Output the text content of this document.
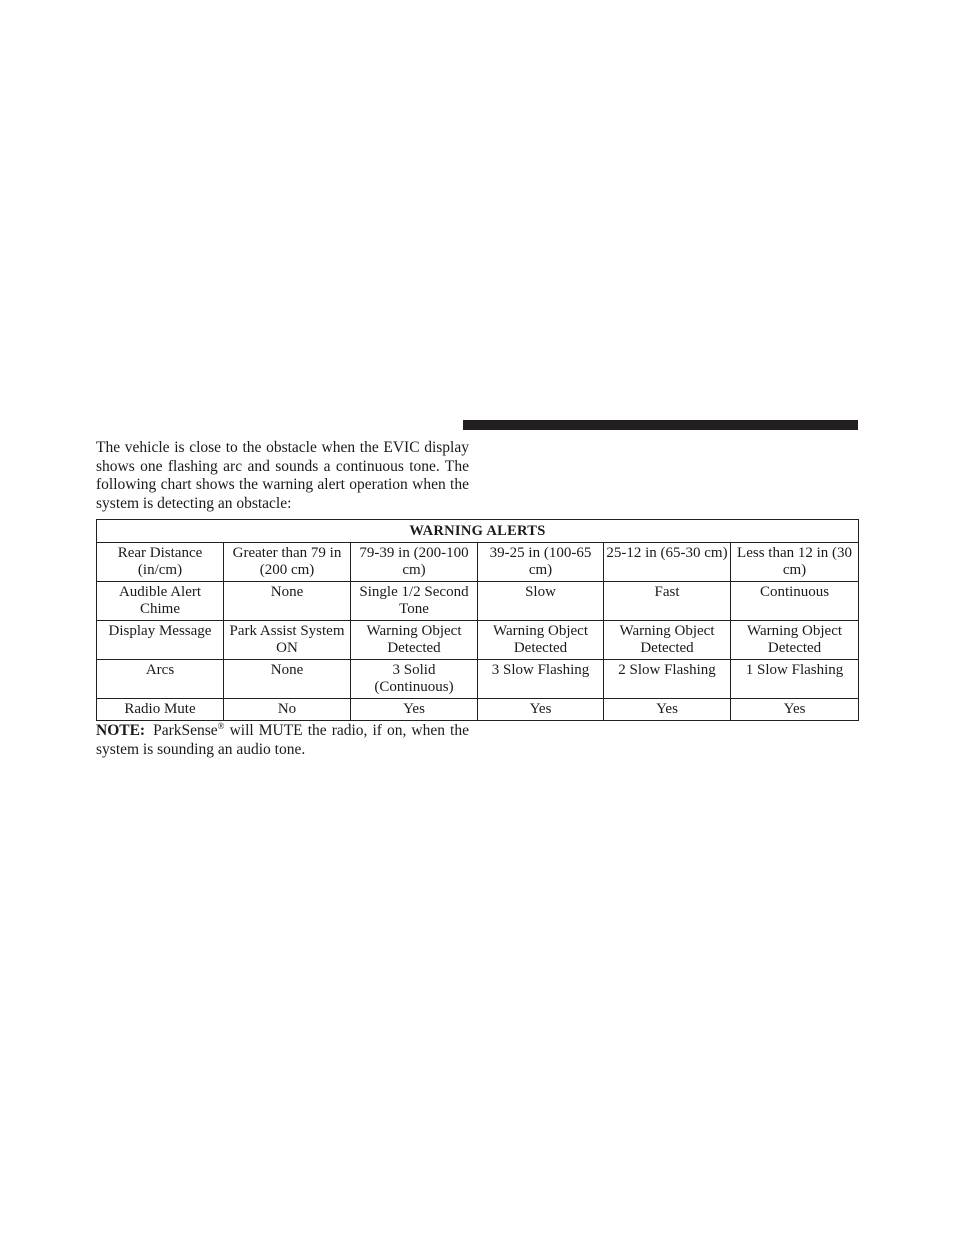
The vehicle is close to the obstacle when the EVIC display shows one flashing arc and sounds a continuous tone. The following chart shows the warning alert operation when the system is detecting an obstacle:

WARNING ALERTS					
Rear Distance (in/cm)	Greater than 79 in (200 cm)	79-39 in (200-100 cm)	39-25 in (100-65 cm)	25-12 in (65-30 cm)	Less than 12 in (30 cm)
Audible Alert Chime	None	Single 1/2 Second Tone	Slow	Fast	Continuous
Display Message	Park Assist System ON	Warning Object Detected	Warning Object Detected	Warning Object Detected	Warning Object Detected
Arcs	None	3 Solid (Continuous)	3 Slow Flashing	2 Slow Flashing	1 Slow Flashing
Radio Mute	No	Yes	Yes	Yes	Yes

NOTE: ParkSense® will MUTE the radio, if on, when the system is sounding an audio tone.
